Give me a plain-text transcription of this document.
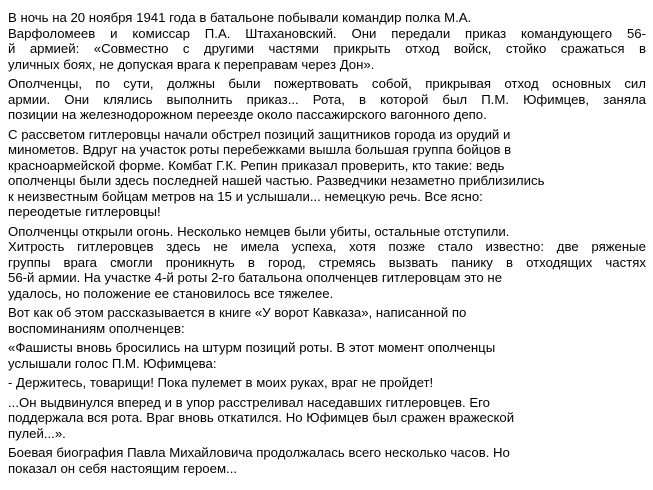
В ночь на 20 ноября 1941 года в батальоне побывали командир полка М.А.
Варфоломеев и комиссар П.А. Штахановский. Они передали приказ командующего 56-
й армией: «Совместно с другими частями прикрыть отход войск, стойко сражаться в
уличных боях, не допуская врага к переправам через Дон».

Ополченцы, по сути, должны были пожертвовать собой, прикрывая отход основных сил
армии. Они клялись выполнить приказ... Рота, в которой был П.М. Юфимцев, заняла
позиции на железнодорожном переезде около пассажирского вагонного депо.

С рассветом гитлеровцы начали обстрел позиций защитников города из орудий и
минометов. Вдруг на участок роты перебежками вышла большая группа бойцов в
красноармейской форме. Комбат Г.К. Репин приказал проверить, кто такие: ведь
ополченцы были здесь последней нашей частью. Разведчики незаметно приблизились
к неизвестным бойцам метров на 15 и услышали... немецкую речь. Все ясно:
переодетые гитлеровцы!

Ополченцы открыли огонь. Несколько немцев были убиты, остальные отступили.
Хитрость гитлеровцев здесь не имела успеха, хотя позже стало известно: две ряженые
группы врага смогли проникнуть в город, стремясь вызвать панику в отходящих частях
56-й армии. На участке 4-й роты 2-го батальона ополченцев гитлеровцам это не
удалось, но положение ее становилось все тяжелее.

Вот как об этом рассказывается в книге «У ворот Кавказа», написанной по
воспоминаниям ополченцев:

«Фашисты вновь бросились на штурм позиций роты. В этот момент ополченцы
услышали голос П.М. Юфимцева:

- Держитесь, товарищи! Пока пулемет в моих руках, враг не пройдет!

...Он выдвинулся вперед и в упор расстреливал наседавших гитлеровцев. Его
поддержала вся рота. Враг вновь откатился. Но Юфимцев был сражен вражеской
пулей...».

Боевая биография Павла Михайловича продолжалась всего несколько часов. Но
показал он себя настоящим героем...
